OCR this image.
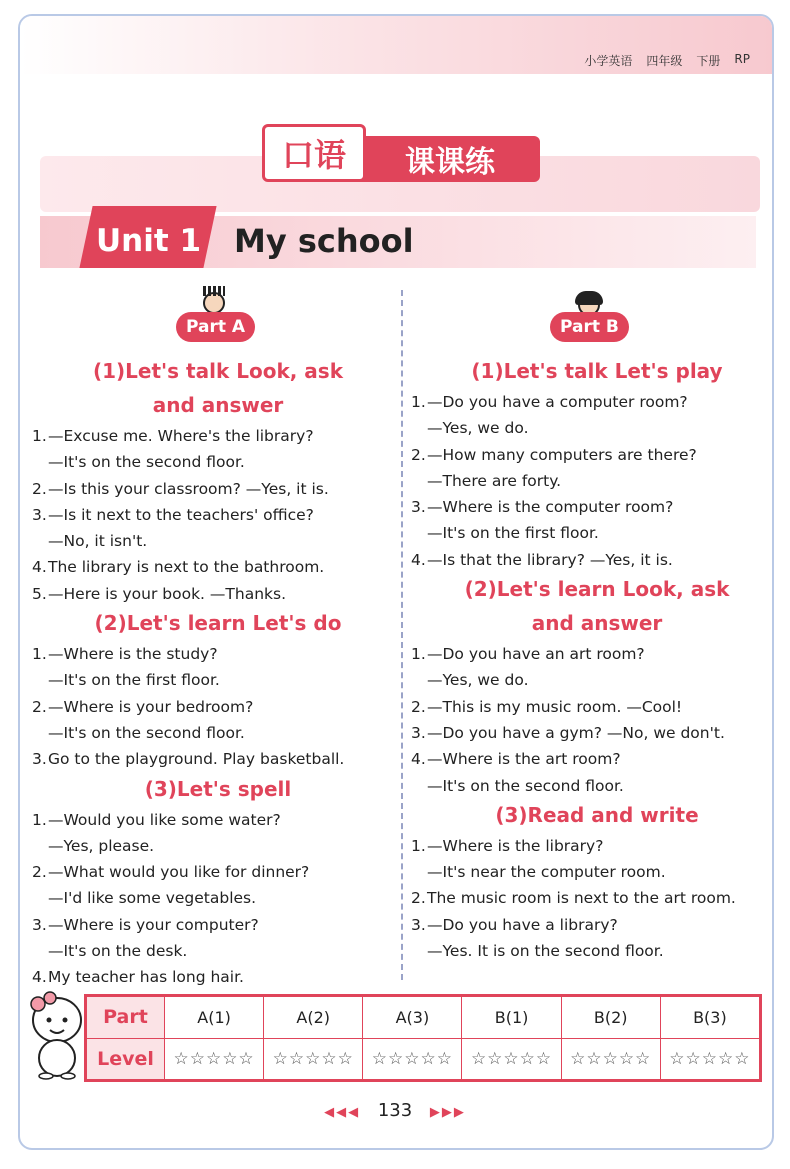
小学英语 四年级 下册 RP
课课练
口语
Unit 1 My school
Part A	Part B
(1)Let's talk Look, ask
and answer
1.—Excuse me. Where's the library?
—It's on the second floor.
2.—Is this your classroom? —Yes, it is.
3.—Is it next to the teachers' office?
—No, it isn't.
4.The library is next to the bathroom.
5.—Here is your book. —Thanks.
(2)Let's learn Let's do
1.—Where is the study?
—It's on the first floor.
2.—Where is your bedroom?
—It's on the second floor.
3.Go to the playground. Play basketball.
(3)Let's spell
1.—Would you like some water?
—Yes, please.
2.—What would you like for dinner?
—I'd like some vegetables.
3.—Where is your computer?
—It's on the desk.
4.My teacher has long hair.
(1)Let's talk Let's play
1.—Do you have a computer room?
—Yes, we do.
2.—How many computers are there?
—There are forty.
3.—Where is the computer room?
—It's on the first floor.
4.—Is that the library? —Yes, it is.
(2)Let's learn Look, ask
and answer
1.—Do you have an art room?
—Yes, we do.
2.—This is my music room. —Cool!
3.—Do you have a gym? —No, we don't.
4.—Where is the art room?
—It's on the second floor.
(3)Read and write
1.—Where is the library?
—It's near the computer room.
2.The music room is next to the art room.
3.—Do you have a library?
—Yes. It is on the second floor.
Part	A(1)	A(2)	A(3)	B(1)	B(2)	B(3)
Level	☆☆☆☆☆	☆☆☆☆☆	☆☆☆☆☆	☆☆☆☆☆	☆☆☆☆☆	☆☆☆☆☆
◀◀◀ 133 ▶▶▶
